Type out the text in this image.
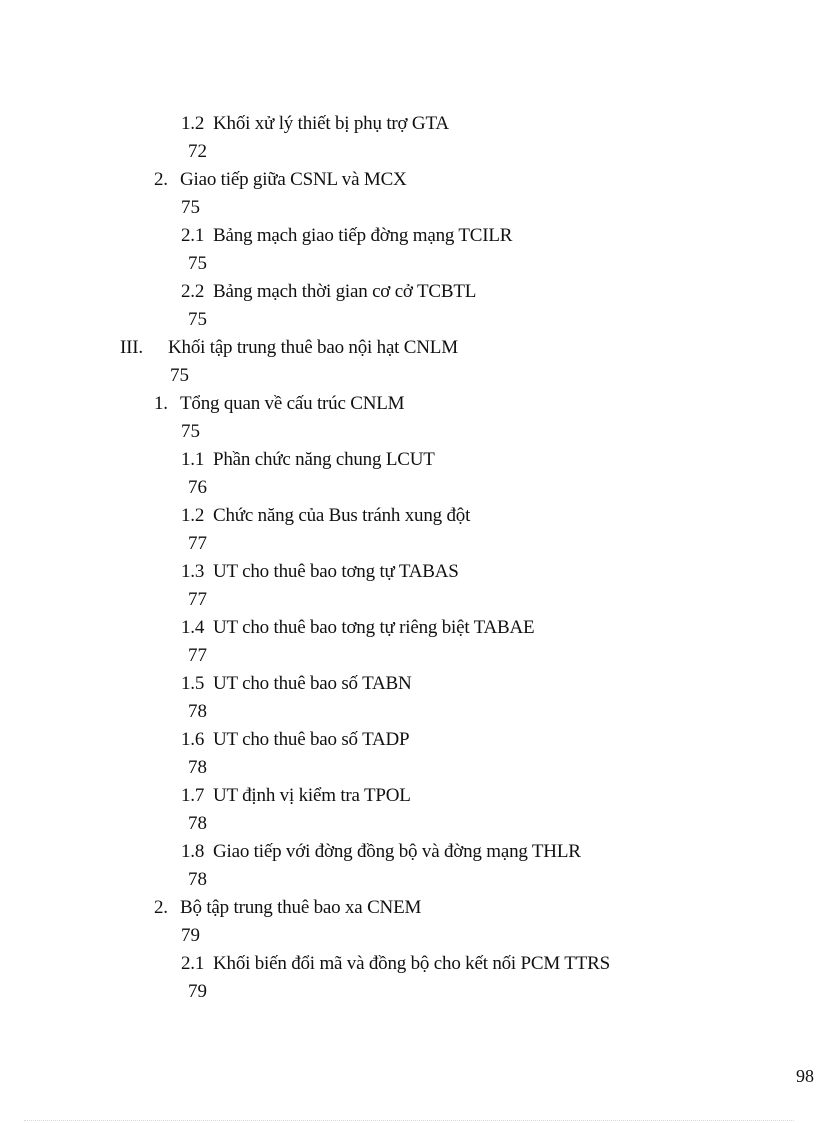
1.2 Khối xử lý thiết bị phụ trợ GTA
72
2. Giao tiếp giữa CSNL và MCX
75
2.1 Bảng mạch giao tiếp đờng mạng TCILR
75
2.2 Bảng mạch thời gian cơ cở TCBTL
75
III. Khối tập trung thuê bao nội hạt CNLM
75
1. Tổng quan về cấu trúc CNLM
75
1.1 Phần chức năng chung LCUT
76
1.2 Chức năng của Bus tránh xung đột
77
1.3 UT cho thuê bao tơng tự TABAS
77
1.4 UT cho thuê bao tơng tự riêng biệt TABAE
77
1.5 UT cho thuê bao số TABN
78
1.6 UT cho thuê bao số TADP
78
1.7 UT định vị kiểm tra TPOL
78
1.8 Giao tiếp với đờng đồng bộ và đờng mạng THLR
78
2. Bộ tập trung thuê bao xa CNEM
79
2.1 Khối biến đổi mã và đồng bộ cho kết nối PCM TTRS
79
98
